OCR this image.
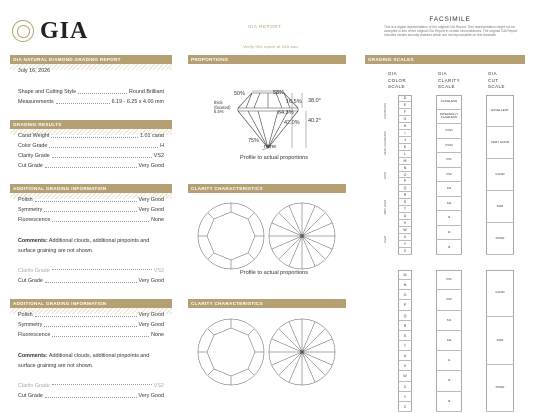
GIA	GIA REPORT
Verify this report at GIA.edu
FACSIMILE
This is a digital representation of the original GIA Report. This representation might not be accepted in lieu of the original GIA Report in certain circumstances. The original GIA Report includes certain security features which are not reproducible on this facsimile.
GIA NATURAL DIAMOND GRADING REPORT
July 16, 2026
Shape and Cutting Style	Round Brilliant
Measurements	6.19 - 6.25 x 4.00 mm
GRADING RESULTS
Carat Weight	1.01 carat
Color Grade	H
Clarity Grade	VS2
Cut Grade	Very Good
ADDITIONAL GRADING INFORMATION
Polish	Very Good
Symmetry	Very Good
Fluorescence	None
Comments: Additional clouds, additional pinpoints and surface graining are not shown.
Clarity Grade	VS2
Cut Grade	Very Good
ADDITIONAL GRADING INFORMATION
Polish	Very Good
Symmetry	Very Good
Fluorescence	None
Comments: Additional clouds, additional pinpoints and surface graining are not shown.
Clarity Grade	VS2
Cut Grade	Very Good
PROPORTIONS
58%
50%
16.5% 38.0°
thick
(faceted)
5.5%	64.3%
42.0% 40.2°
75%
none
Profile to actual proportions
CLARITY CHARACTERISTICS
Profile to actual proportions
CLARITY CHARACTERISTICS
GRADING SCALES
GIA
COLOR
SCALE
GIA
CLARITY
SCALE
GIA
CUT
SCALE
D
E
F
G
H
I
J
K
L
M
N
O
P
Q
R
S
T
U
V
W
X
Y
Z
COLORLESS
NEAR COLORLESS
FAINT
VERY LIGHT
LIGHT
FLAWLESS
INTERNALLY FLAWLESS
VVS1
VVS2
VS1
VS2
SI1
SI2
I1
I2
I3
EXCELLENT
VERY GOOD
GOOD
FAIR
POOR
M
N
O
P
Q
R
S
T
U
V
W
X
Y
Z
VS1
VS2
SI1
SI2
I1
I2
I3
GOOD
FAIR
POOR
